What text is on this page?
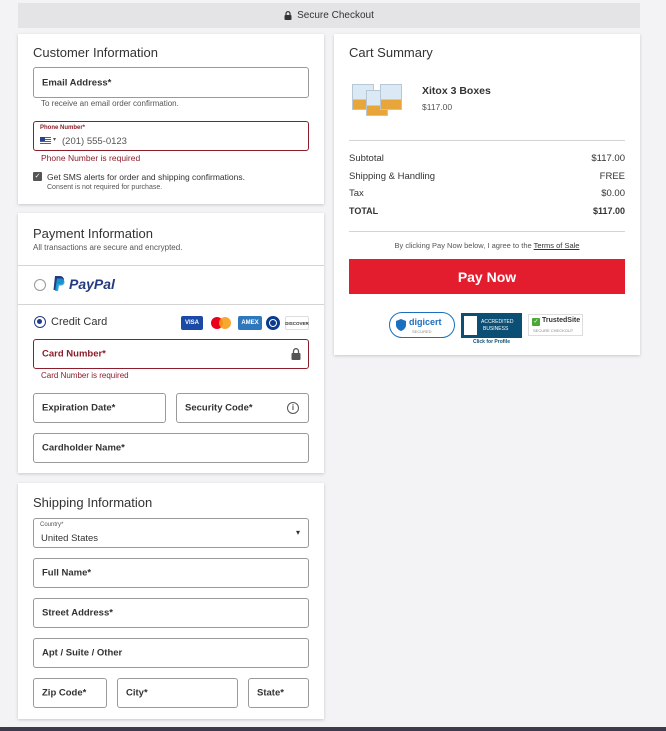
Secure Checkout
Customer Information
Email Address*
To receive an email order confirmation.
Phone Number*
▾ (201) 555-0123
Phone Number is required
✓ Get SMS alerts for order and shipping confirmations.
Consent is not required for purchase.
Payment Information
All transactions are secure and encrypted.
PayPal
Credit Card	VISA	AMEX	DISCOVER
Card Number*
Card Number is required
Expiration Date*	Security Code*	i
Cardholder Name*
Shipping Information
Country*
United States
▾
Full Name*
Street Address*
Apt / Suite / Other
Zip Code*	City*	State*
Cart Summary
Xitox 3 Boxes
$117.00
Subtotal	$117.00
Shipping & Handling	FREE
Tax	$0.00
TOTAL	$117.00
By clicking Pay Now below, I agree to the Terms of Sale
Pay Now
digicert
SECURED
ACCREDITED
BUSINESS
Click for Profile
✓ TrustedSite
SECURE CHECKOUT
